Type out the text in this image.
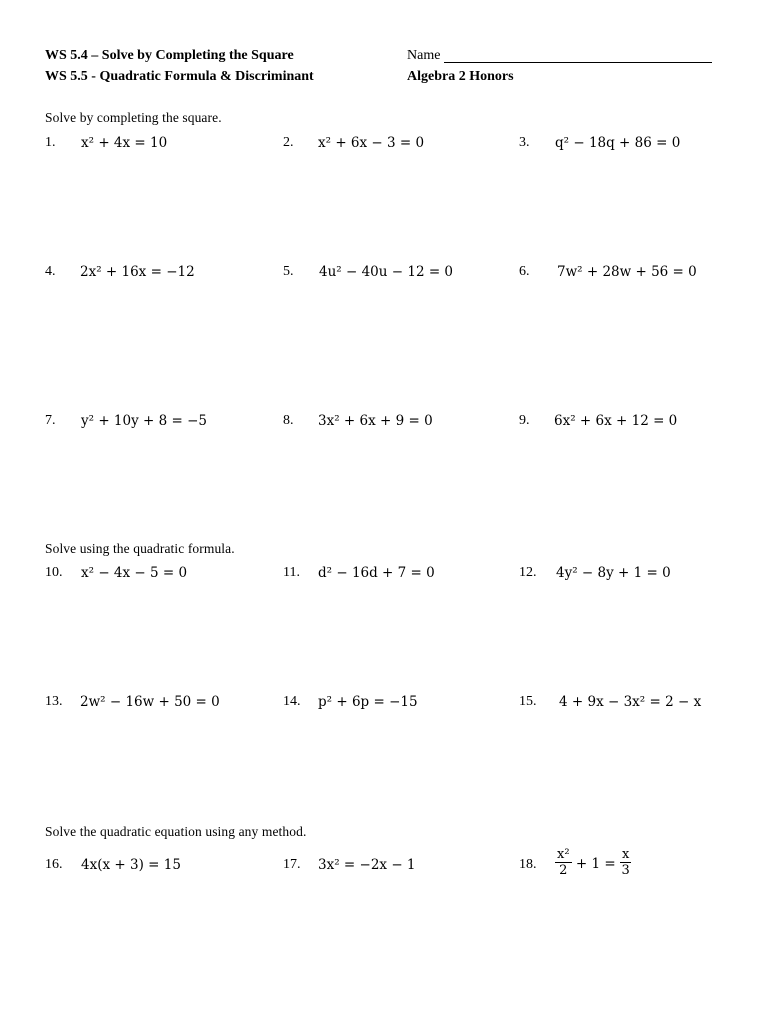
WS 5.4 – Solve by Completing the Square
WS 5.5 - Quadratic Formula & Discriminant
Name
Algebra 2 Honors
Solve by completing the square.
Solve using the quadratic formula.
Solve the quadratic equation using any method.
1. x² + 4x = 10	2. x² + 6x − 3 = 0	3. q² − 18q + 86 = 0
4. 2x² + 16x = −12	5. 4u² − 40u − 12 = 0	6. 7w² + 28w + 56 = 0
7. y² + 10y + 8 = −5	8. 3x² + 6x + 9 = 0	9. 6x² + 6x + 12 = 0
10. x² − 4x − 5 = 0	11. d² − 16d + 7 = 0	12. 4y² − 8y + 1 = 0
13. 2w² − 16w + 50 = 0	14. p² + 6p = −15	15. 4 + 9x − 3x² = 2 − x
16. 4x(x + 3) = 15	17. 3x² = −2x − 1	18. $\frac{\text{x²}}{2} + 1 = \frac{x}{3}$
